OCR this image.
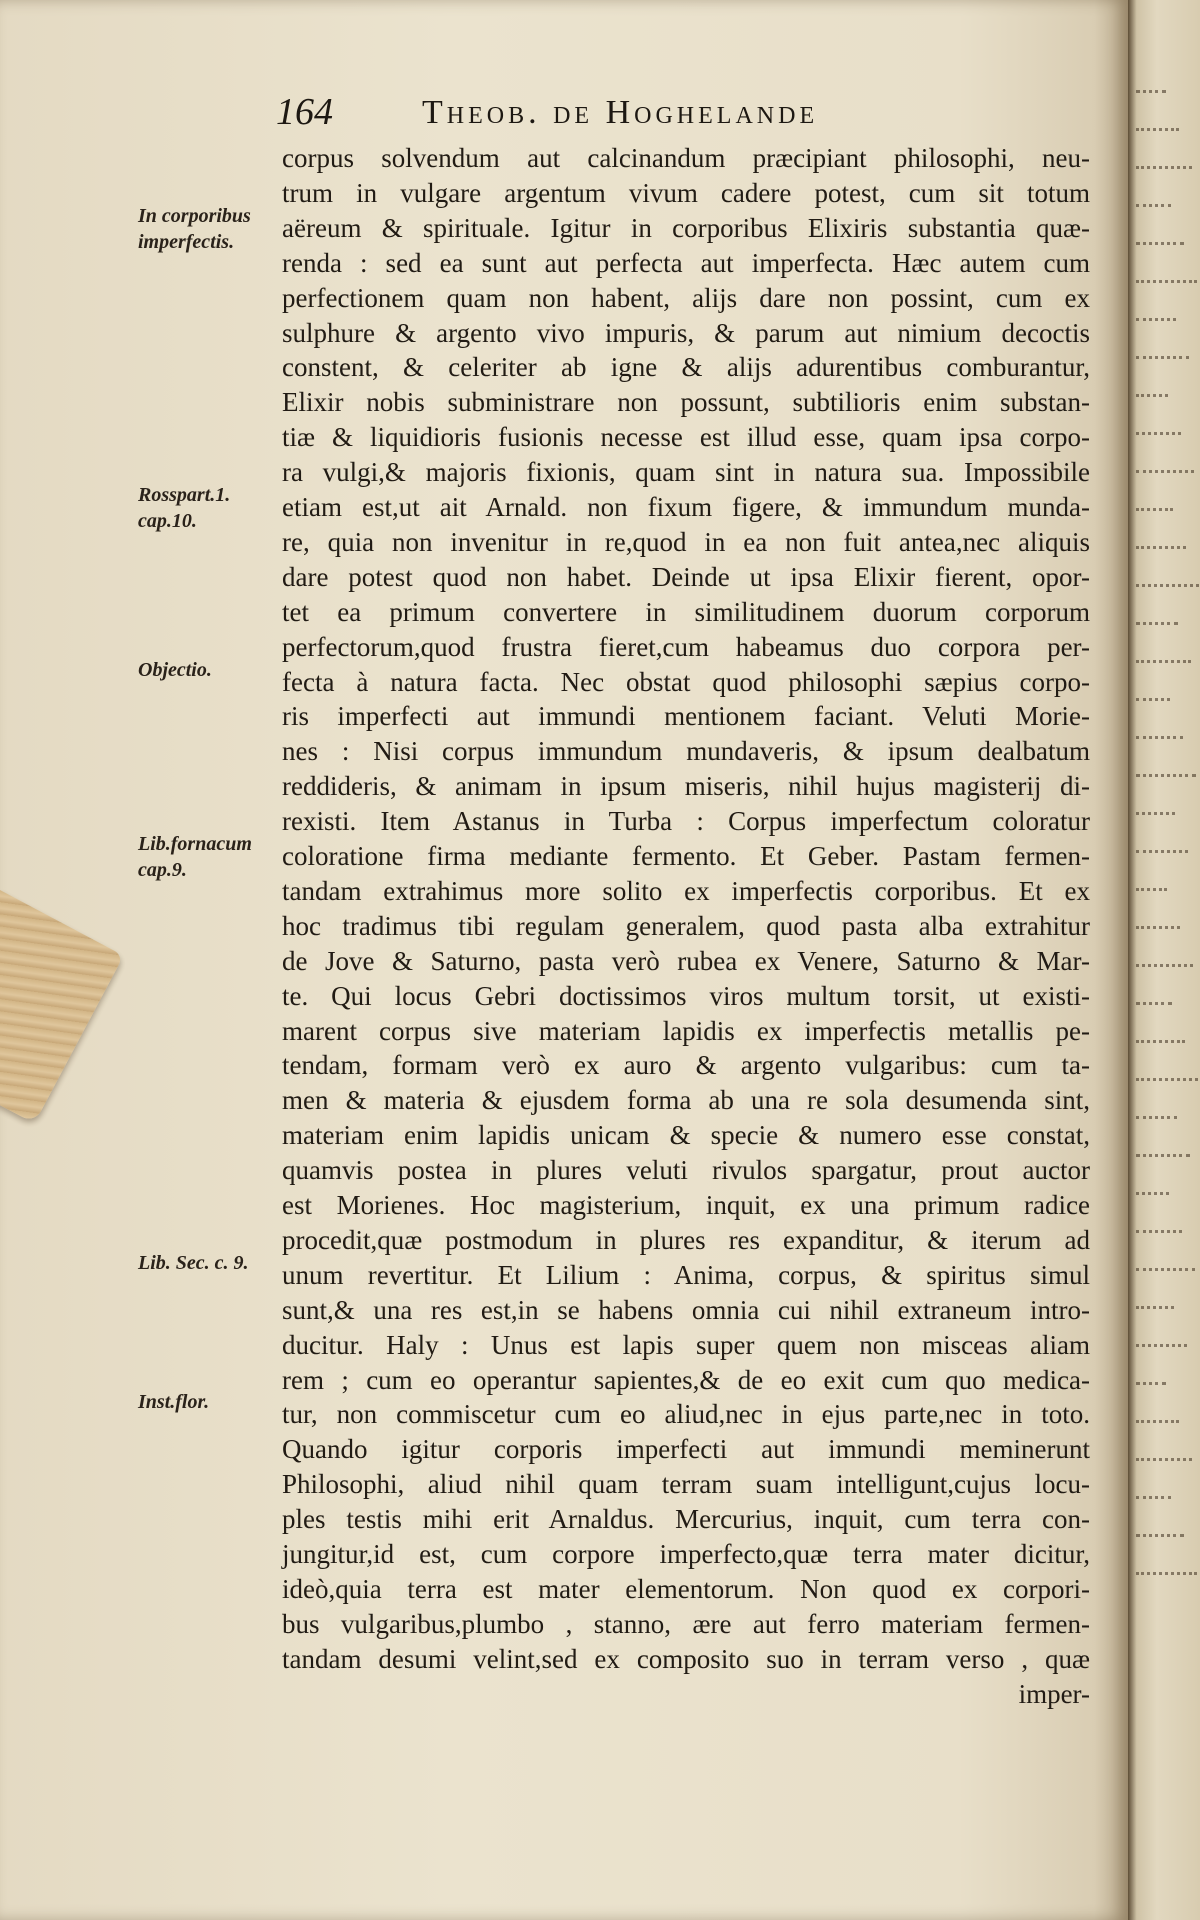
164	Theob. de Hoghelande
corpus solvendum aut calcinandum præcipiant philosophi, neu-
trum in vulgare argentum vivum cadere potest, cum sit totum
aëreum & spirituale. Igitur in corporibus Elixiris substantia quæ-
renda : sed ea sunt aut perfecta aut imperfecta. Hæc autem cum
perfectionem quam non habent, alijs dare non possint, cum ex
sulphure & argento vivo impuris, & parum aut nimium decoctis
constent, & celeriter ab igne & alijs adurentibus comburantur,
Elixir nobis subministrare non possunt, subtilioris enim substan-
tiæ & liquidioris fusionis necesse est illud esse, quam ipsa corpo-
ra vulgi,& majoris fixionis, quam sint in natura sua. Impossibile
etiam est,ut ait Arnald. non fixum figere, & immundum munda-
re, quia non invenitur in re,quod in ea non fuit antea,nec aliquis
dare potest quod non habet. Deinde ut ipsa Elixir fierent, opor-
tet ea primum convertere in similitudinem duorum corporum
perfectorum,quod frustra fieret,cum habeamus duo corpora per-
fecta à natura facta. Nec obstat quod philosophi sæpius corpo-
ris imperfecti aut immundi mentionem faciant. Veluti Morie-
nes : Nisi corpus immundum mundaveris, & ipsum dealbatum
reddideris, & animam in ipsum miseris, nihil hujus magisterij di-
rexisti. Item Astanus in Turba : Corpus imperfectum coloratur
coloratione firma mediante fermento. Et Geber. Pastam fermen-
tandam extrahimus more solito ex imperfectis corporibus. Et ex
hoc tradimus tibi regulam generalem, quod pasta alba extrahitur
de Jove & Saturno, pasta verò rubea ex Venere, Saturno & Mar-
te. Qui locus Gebri doctissimos viros multum torsit, ut existi-
marent corpus sive materiam lapidis ex imperfectis metallis pe-
tendam, formam verò ex auro & argento vulgaribus: cum ta-
men & materia & ejusdem forma ab una re sola desumenda sint,
materiam enim lapidis unicam & specie & numero esse constat,
quamvis postea in plures veluti rivulos spargatur, prout auctor
est Morienes. Hoc magisterium, inquit, ex una primum radice
procedit,quæ postmodum in plures res expanditur, & iterum ad
unum revertitur. Et Lilium : Anima, corpus, & spiritus simul
sunt,& una res est,in se habens omnia cui nihil extraneum intro-
ducitur. Haly : Unus est lapis super quem non misceas aliam
rem ; cum eo operantur sapientes,& de eo exit cum quo medica-
tur, non commiscetur cum eo aliud,nec in ejus parte,nec in toto.
Quando igitur corporis imperfecti aut immundi meminerunt
Philosophi, aliud nihil quam terram suam intelligunt,cujus locu-
ples testis mihi erit Arnaldus. Mercurius, inquit, cum terra con-
jungitur,id est, cum corpore imperfecto,quæ terra mater dicitur,
ideò,quia terra est mater elementorum. Non quod ex corpori-
bus vulgaribus,plumbo , stanno, ære aut ferro materiam fermen-
tandam desumi velint,sed ex composito suo in terram verso , quæ
imper-
In corporibus imperfectis.
Rosspart.1. cap.10.
Objectio.
Lib.fornacum cap.9.
Lib. Sec. c. 9.
Inst.flor.
